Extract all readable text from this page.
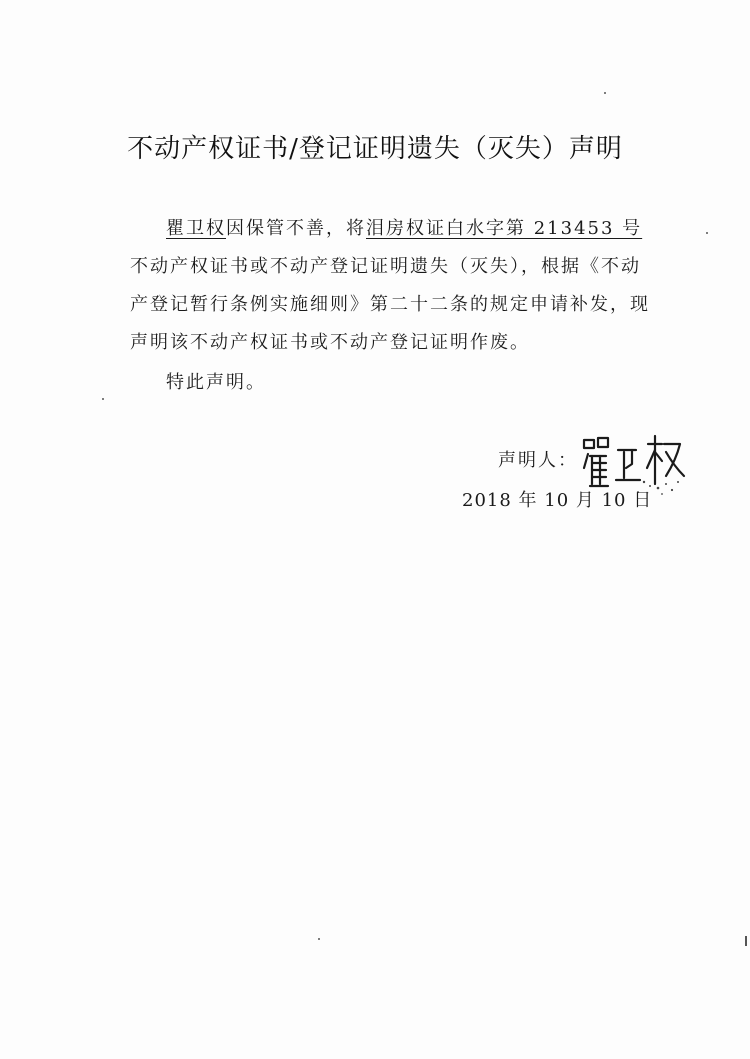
不动产权证书/登记证明遗失（灭失）声明

瞿卫权因保管不善，将泪房权证白水字第 213453 号不动产权证书或不动产登记证明遗失（灭失），根据《不动产登记暂行条例实施细则》第二十二条的规定申请补发，现声明该不动产权证书或不动产登记证明作废。

特此声明。
声明人：
2018 年 10 月 10 日
